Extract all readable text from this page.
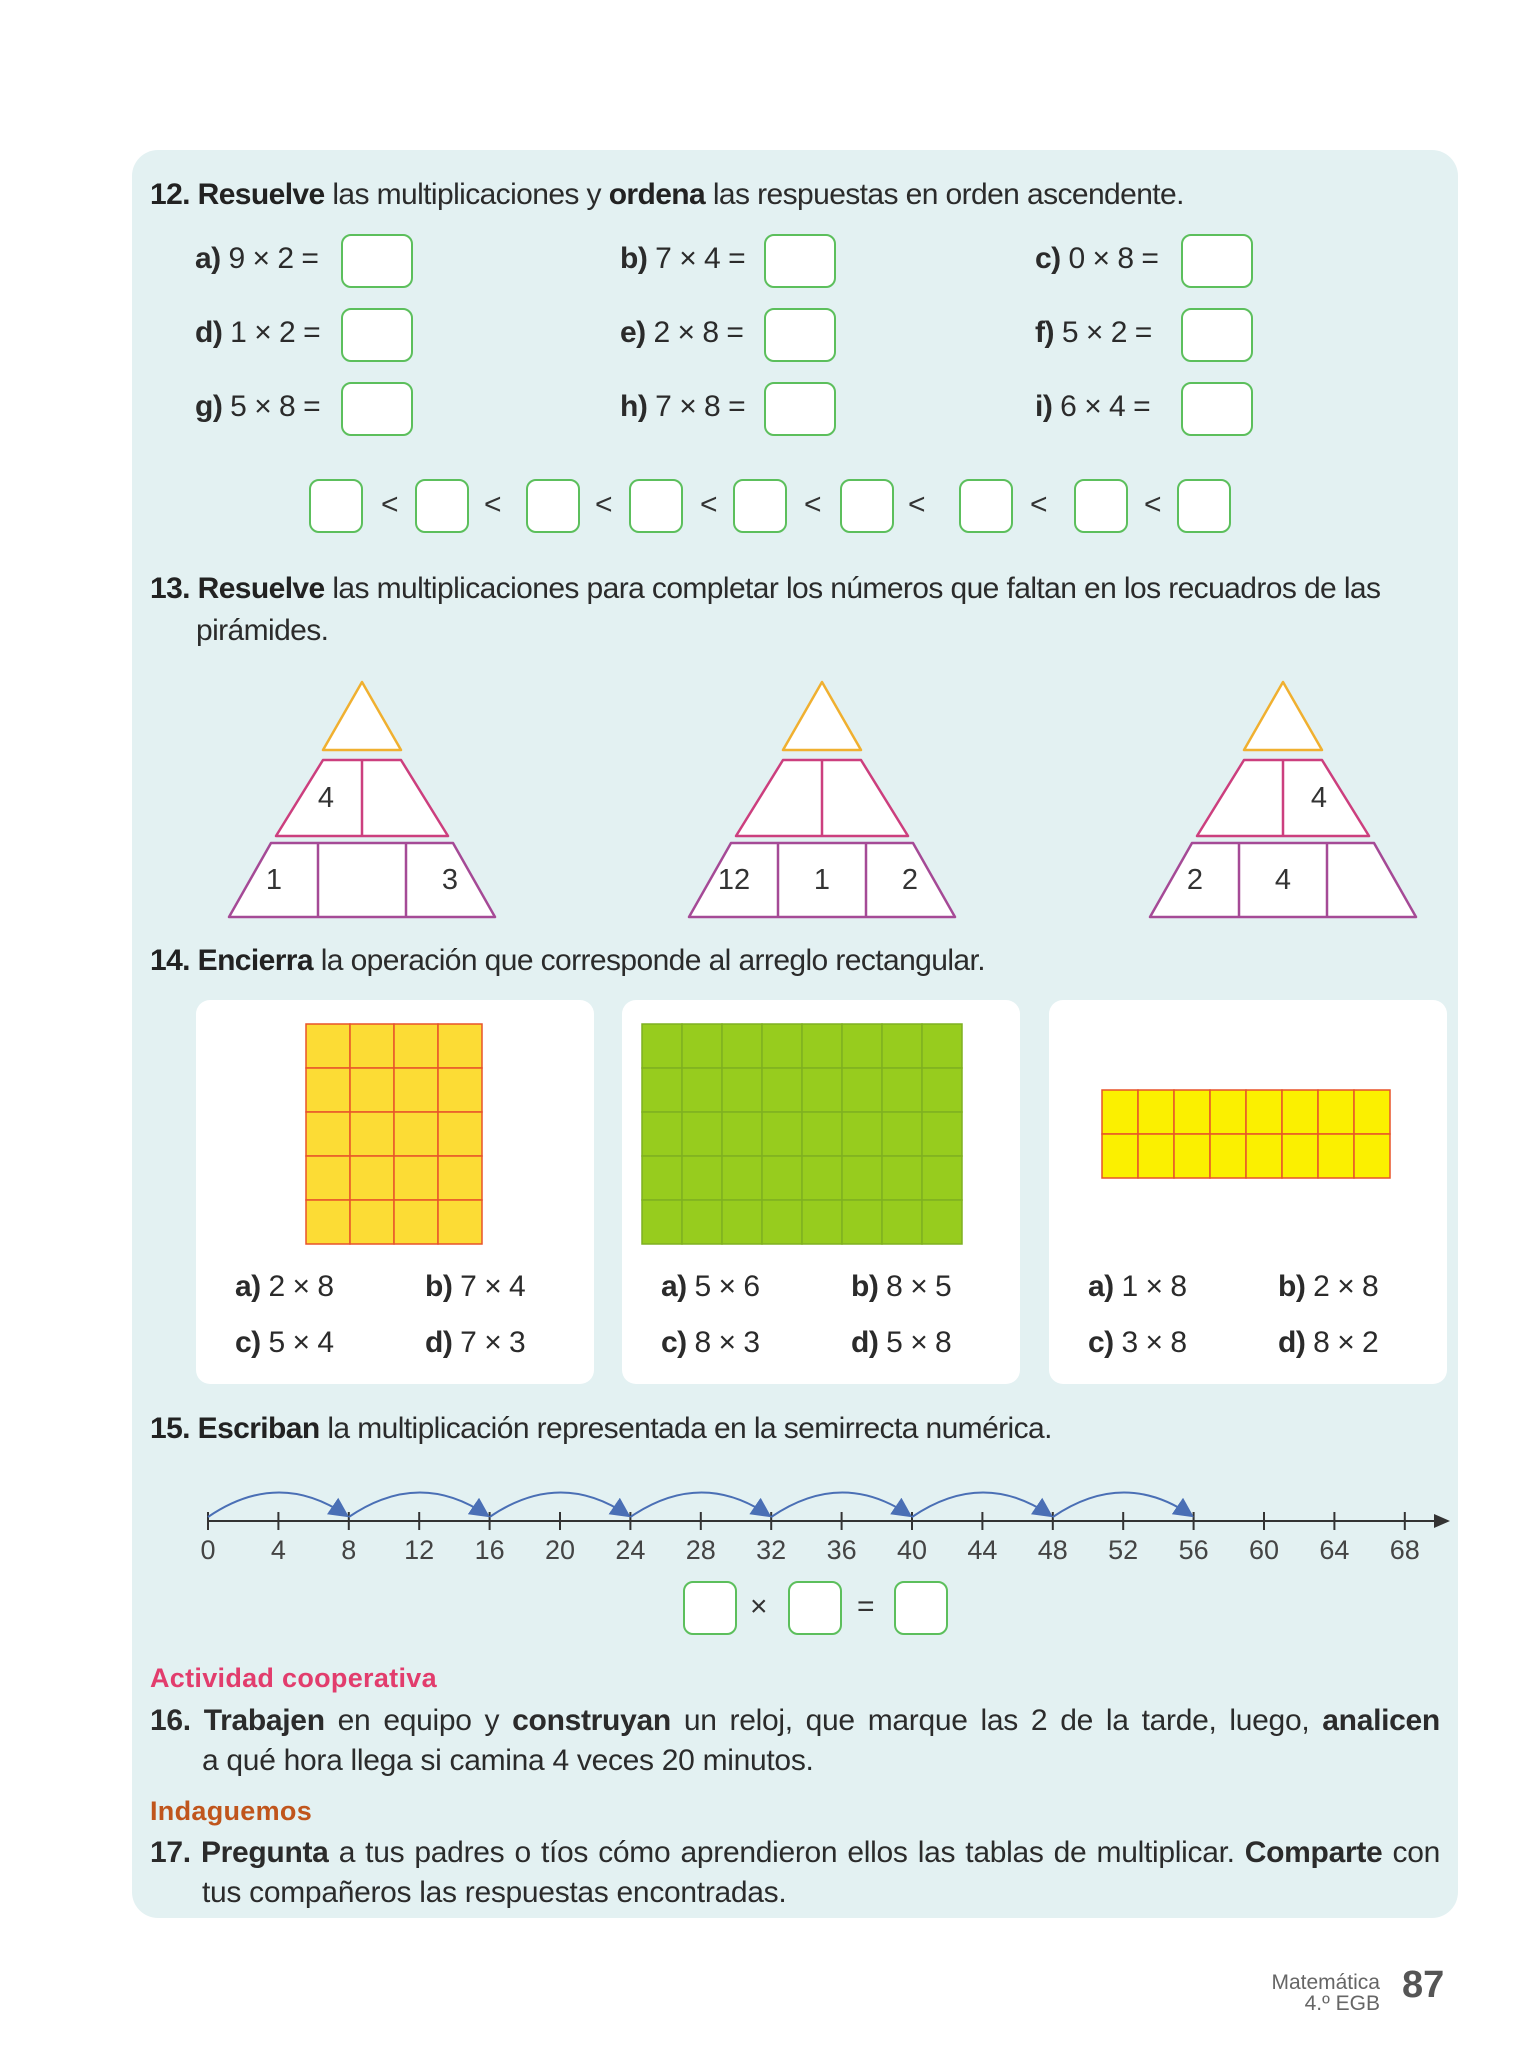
12. Resuelve las multiplicaciones y ordena las respuestas en orden ascendente.
a) 9 × 2 =	b) 7 × 4 =	c) 0 × 8 =
d) 1 × 2 =	e) 2 × 8 =	f) 5 × 2 =
g) 5 × 8 =	h) 7 × 8 =	i) 6 × 4 =
<	<	<	<	<	<	<	<
13. Resuelve las multiplicaciones para completar los números que faltan en los recuadros de las
pirámides.
4
1	3	12 1 2
4
2 4
14. Encierra la operación que corresponde al arreglo rectangular.
a) 2 × 8	b) 7 × 4
c) 5 × 4	d) 7 × 3
a) 5 × 6	b) 8 × 5
c) 8 × 3	d) 5 × 8
a) 1 × 8	b) 2 × 8
c) 3 × 8	d) 8 × 2
15. Escriban la multiplicación representada en la semirrecta numérica.
0 4 8 12 16 20 24 28 32 36 40 44 48 52 56 60 64 68
×	=
Actividad cooperativa
16. Trabajen en equipo y construyan un reloj, que marque las 2 de la tarde, luego, analicen
a qué hora llega si camina 4 veces 20 minutos.
Indaguemos
17. Pregunta a tus padres o tíos cómo aprendieron ellos las tablas de multiplicar. Comparte con
tus compañeros las respuestas encontradas.
Matemática
4.º EGB 87
